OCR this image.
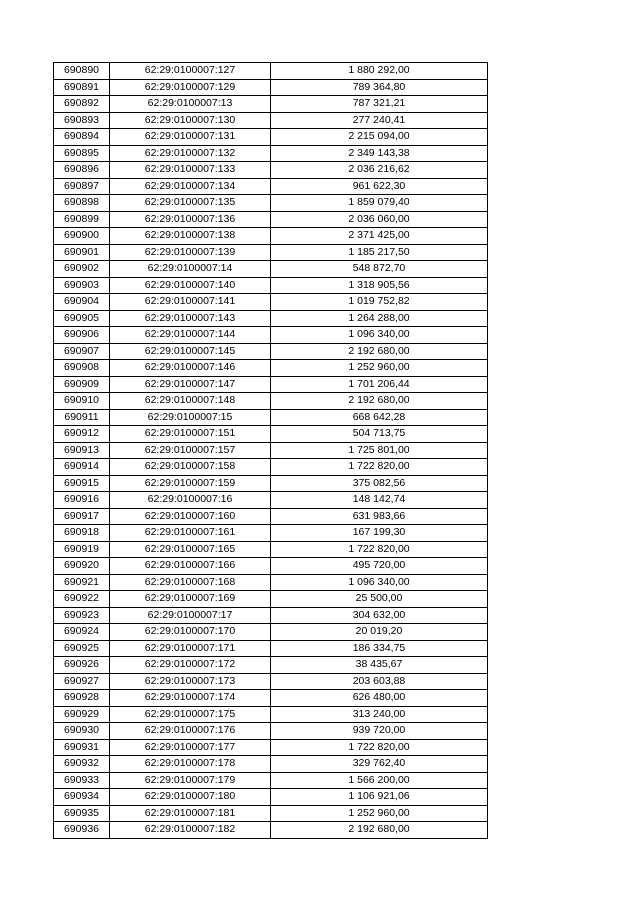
690890	62:29:0100007:127	1 880 292,00
690891	62:29:0100007:129	789 364,80
690892	62:29:0100007:13	787 321,21
690893	62:29:0100007:130	277 240,41
690894	62:29:0100007:131	2 215 094,00
690895	62:29:0100007:132	2 349 143,38
690896	62:29:0100007:133	2 036 216,62
690897	62:29:0100007:134	961 622,30
690898	62:29:0100007:135	1 859 079,40
690899	62:29:0100007:136	2 036 060,00
690900	62:29:0100007:138	2 371 425,00
690901	62:29:0100007:139	1 185 217,50
690902	62:29:0100007:14	548 872,70
690903	62:29:0100007:140	1 318 905,56
690904	62:29:0100007:141	1 019 752,82
690905	62:29:0100007:143	1 264 288,00
690906	62:29:0100007:144	1 096 340,00
690907	62:29:0100007:145	2 192 680,00
690908	62:29:0100007:146	1 252 960,00
690909	62:29:0100007:147	1 701 206,44
690910	62:29:0100007:148	2 192 680,00
690911	62:29:0100007:15	668 642,28
690912	62:29:0100007:151	504 713,75
690913	62:29:0100007:157	1 725 801,00
690914	62:29:0100007:158	1 722 820,00
690915	62:29:0100007:159	375 082,56
690916	62:29:0100007:16	148 142,74
690917	62:29:0100007:160	631 983,66
690918	62:29:0100007:161	167 199,30
690919	62:29:0100007:165	1 722 820,00
690920	62:29:0100007:166	495 720,00
690921	62:29:0100007:168	1 096 340,00
690922	62:29:0100007:169	25 500,00
690923	62:29:0100007:17	304 632,00
690924	62:29:0100007:170	20 019,20
690925	62:29:0100007:171	186 334,75
690926	62:29:0100007:172	38 435,67
690927	62:29:0100007:173	203 603,88
690928	62:29:0100007:174	626 480,00
690929	62:29:0100007:175	313 240,00
690930	62:29:0100007:176	939 720,00
690931	62:29:0100007:177	1 722 820,00
690932	62:29:0100007:178	329 762,40
690933	62:29:0100007:179	1 566 200,00
690934	62:29:0100007:180	1 106 921,06
690935	62:29:0100007:181	1 252 960,00
690936	62:29:0100007:182	2 192 680,00
